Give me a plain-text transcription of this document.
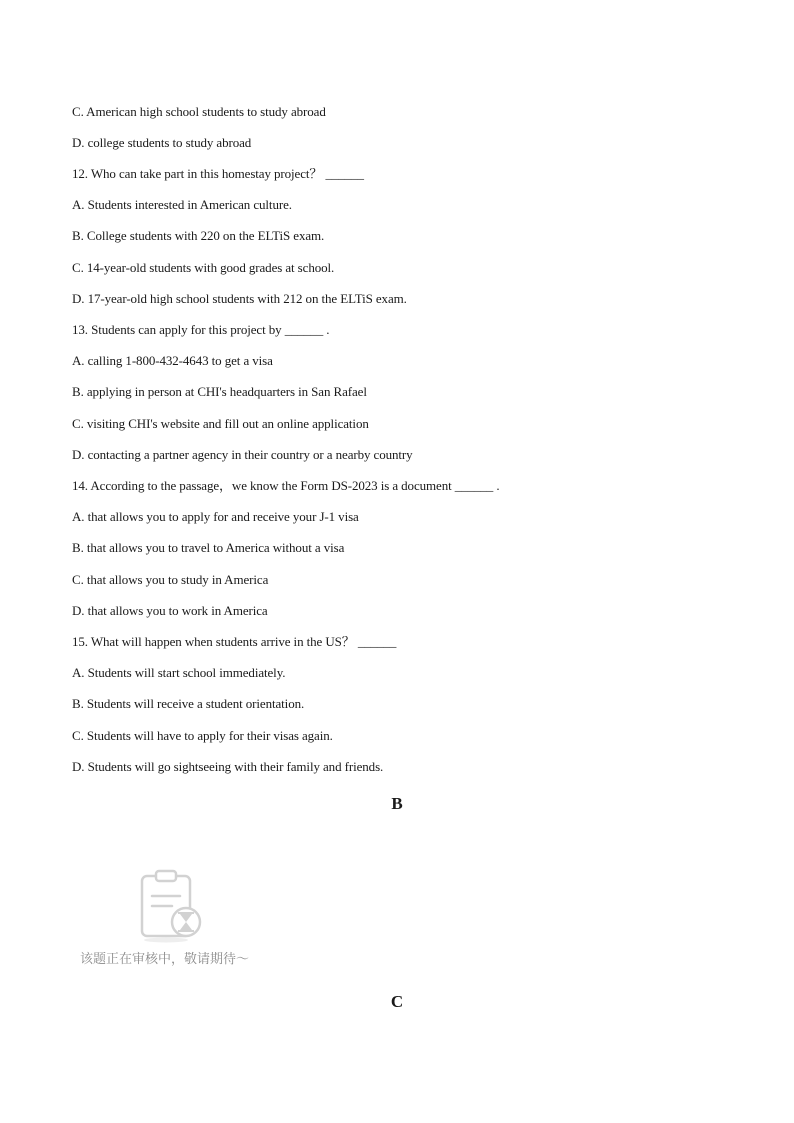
C. American high school students to study abroad
D. college students to study abroad
12. Who can take part in this homestay project？ ______
A. Students interested in American culture.
B. College students with 220 on the ELTiS exam.
C. 14-year-old students with good grades at school.
D. 17-year-old high school students with 212 on the ELTiS exam.
13. Students can apply for this project by ______ .
A. calling 1-800-432-4643 to get a visa
B. applying in person at CHI's headquarters in San Rafael
C. visiting CHI's website and fill out an online application
D. contacting a partner agency in their country or a nearby country
14. According to the passage，we know the Form DS-2023 is a document ______ .
A. that allows you to apply for and receive your J-1 visa
B. that allows you to travel to America without a visa
C. that allows you to study in America
D. that allows you to work in America
15. What will happen when students arrive in the US？ ______
A. Students will start school immediately.
B. Students will receive a student orientation.
C. Students will have to apply for their visas again.
D. Students will go sightseeing with their family and friends.
B
该题正在审核中，敬请期待～
C
